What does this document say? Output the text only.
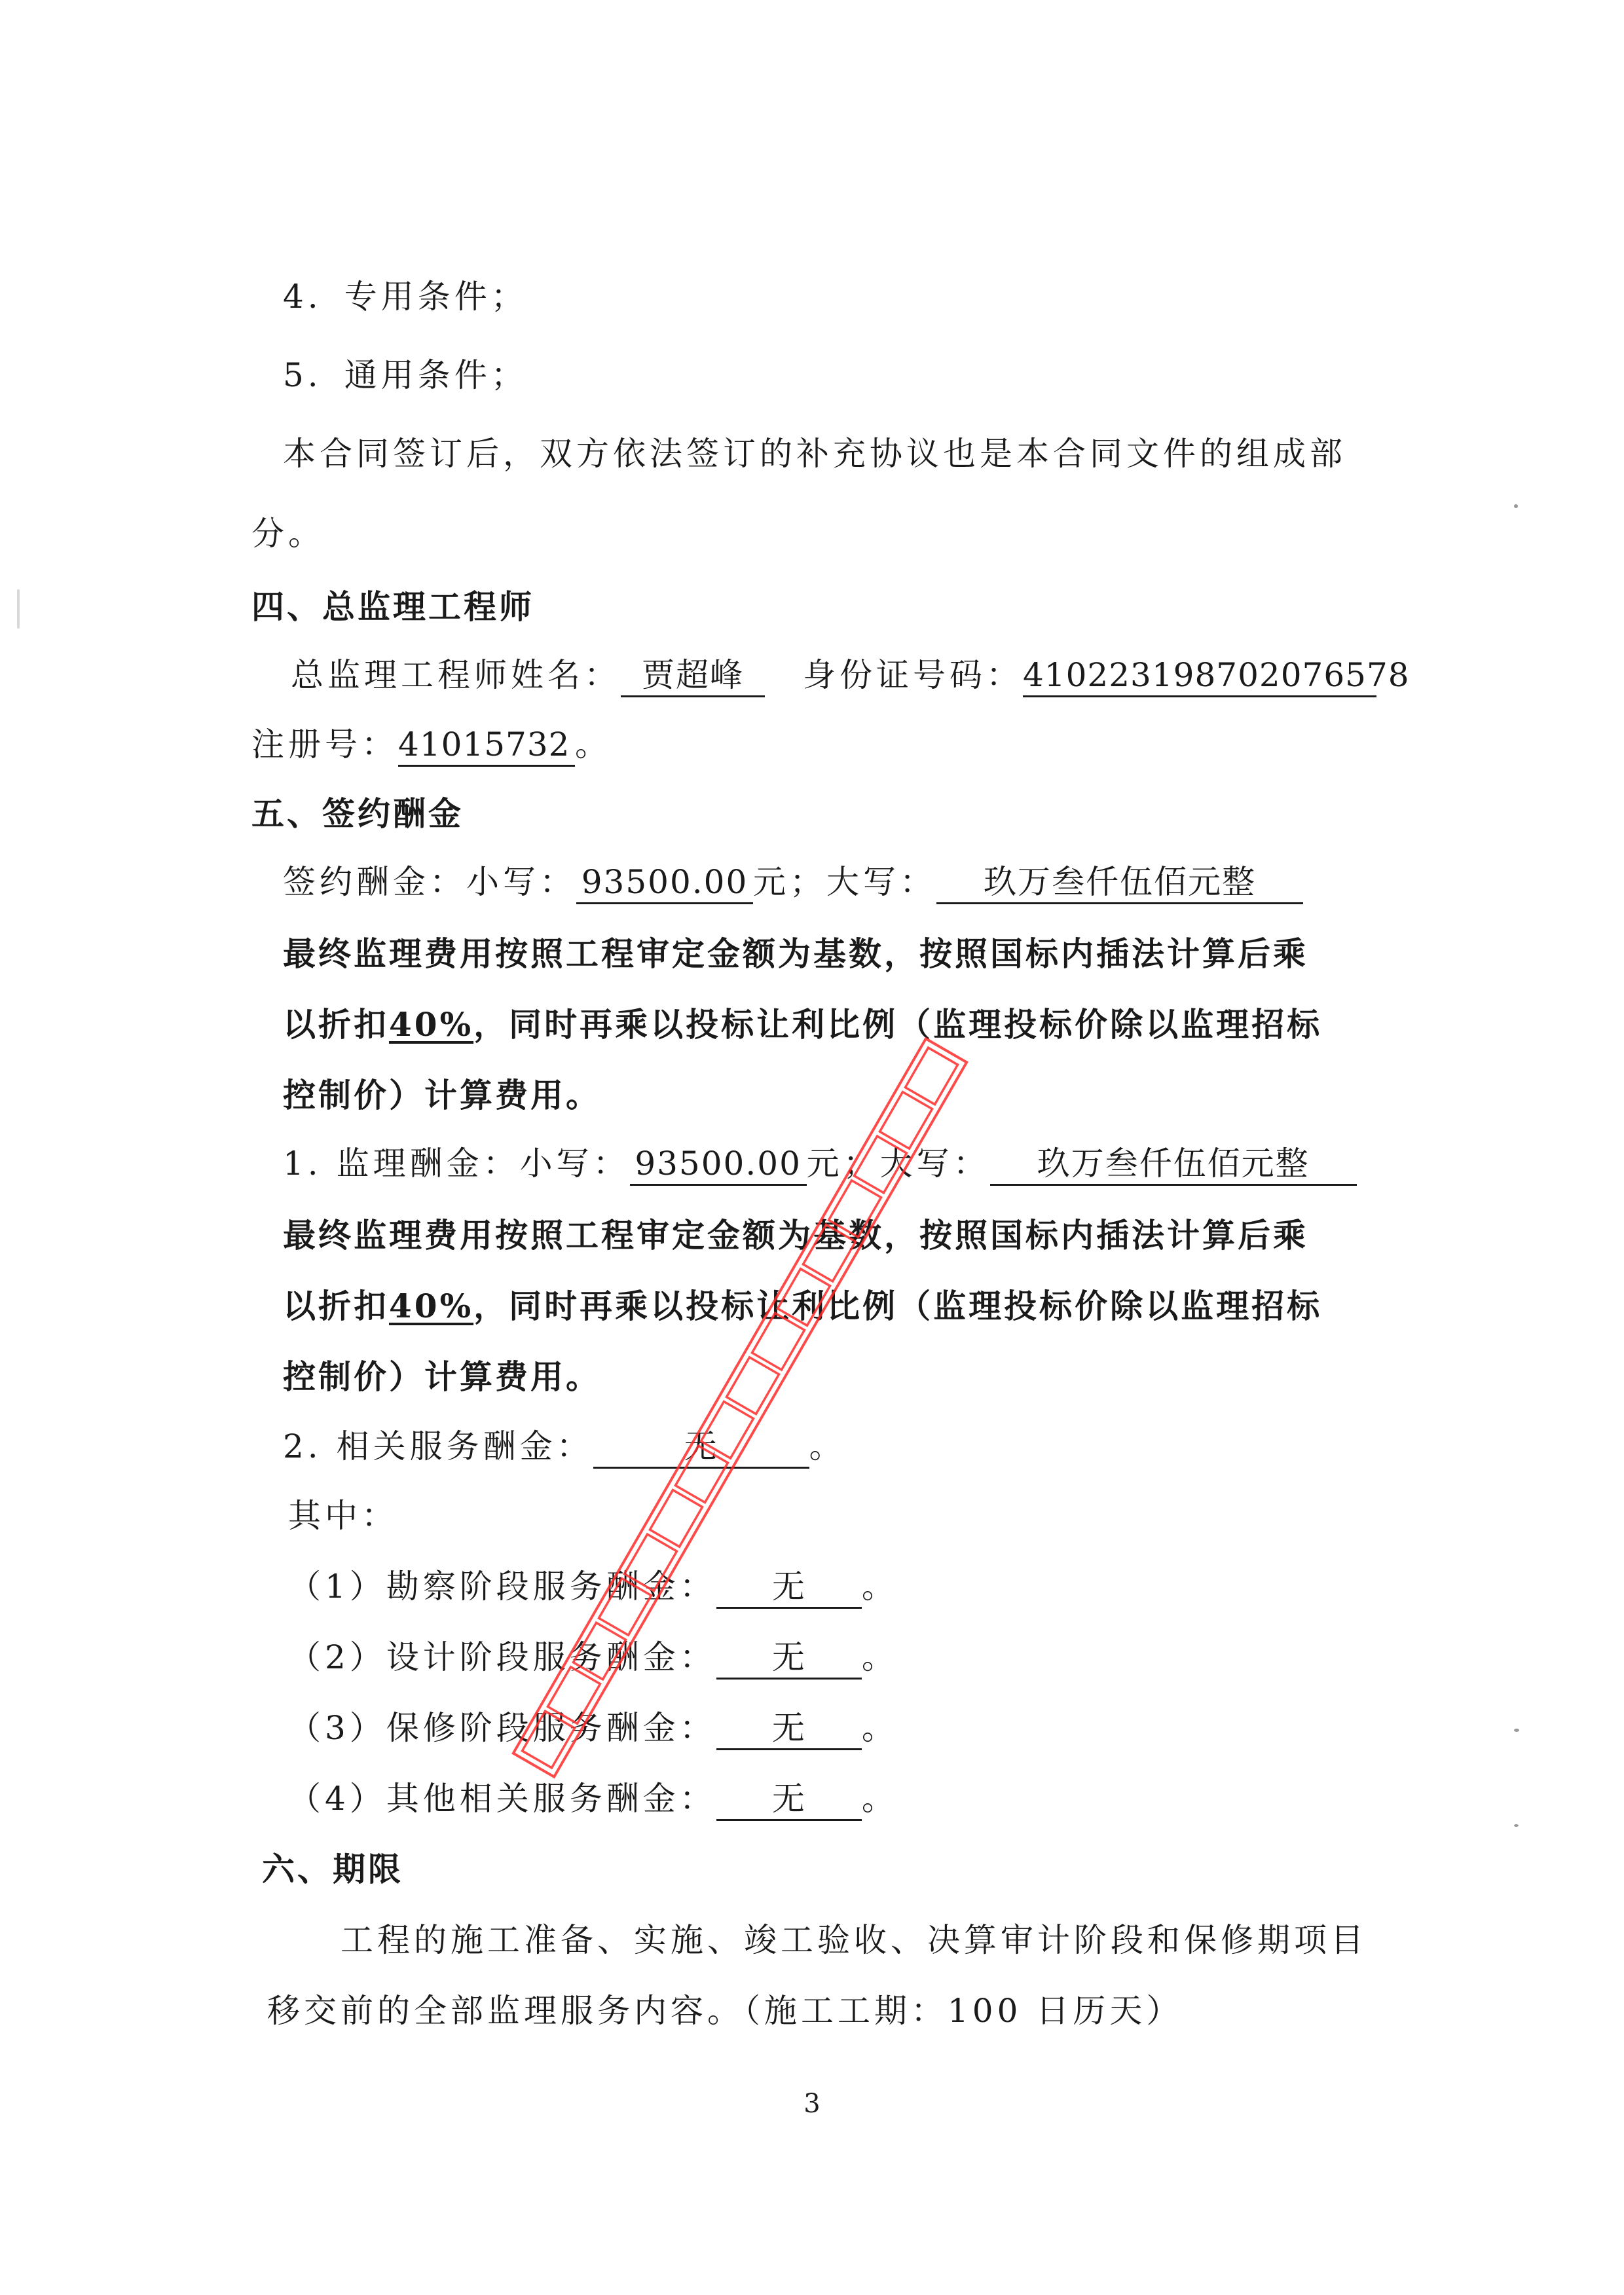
4. 专用条件；
5. 通用条件；
本合同签订后，双方依法签订的补充协议也是本合同文件的组成部
分。
四、总监理工程师
总监理工程师姓名： 贾超峰 身份证号码：410223198702076578
注册号：41015732 。
五、签约酬金
签约酬金：小写： 93500.00 元；大写： 玖万叁仟伍佰元整
最终监理费用按照工程审定金额为基数，按照国标内插法计算后乘
以折扣40%，同时再乘以投标让利比例（监理投标价除以监理招标
控制价）计算费用。
1. 监理酬金：小写： 93500.00 元；大写： 玖万叁仟伍佰元整
最终监理费用按照工程审定金额为基数，按照国标内插法计算后乘
以折扣40%，同时再乘以投标让利比例（监理投标价除以监理招标
控制价）计算费用。
2. 相关服务酬金：	无	。
其中：
（1）勘察阶段服务酬金： 无 。
（2）设计阶段服务酬金： 无 。
（3）保修阶段服务酬金： 无 。
（4）其他相关服务酬金： 无 。
六、期限
工程的施工准备、实施、竣工验收、决算审计阶段和保修期项目
移交前的全部监理服务内容。（施工工期：100 日历天）
3
